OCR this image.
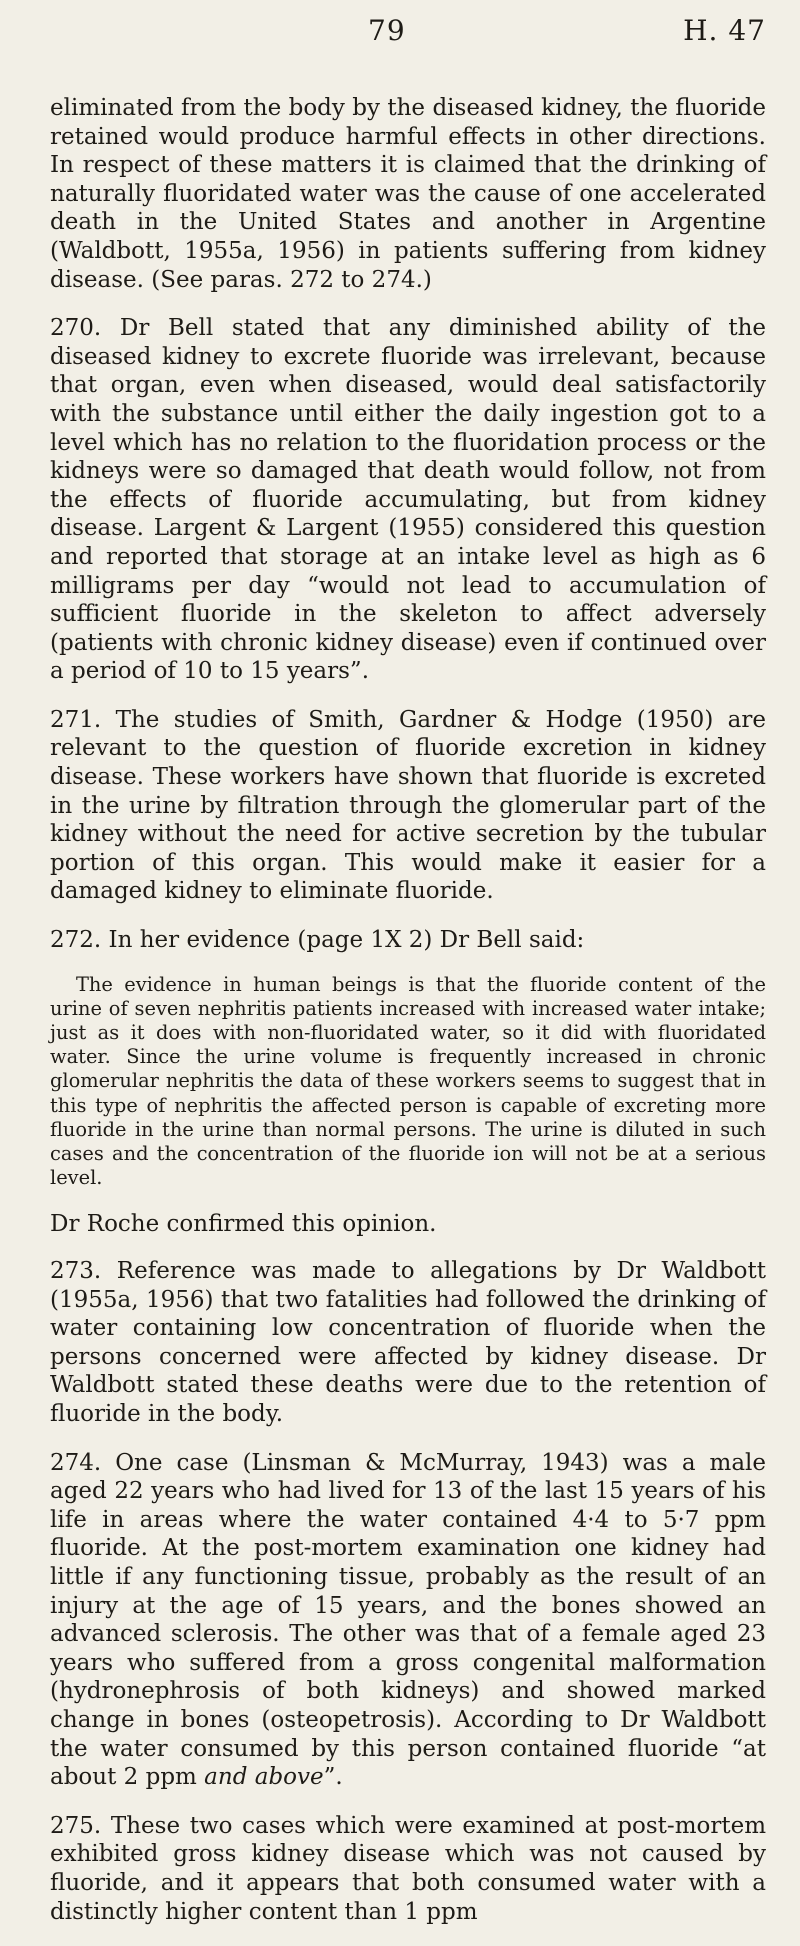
79	H. 47

eliminated from the body by the diseased kidney, the fluoride retained would produce harmful effects in other directions. In respect of these matters it is claimed that the drinking of naturally fluoridated water was the cause of one accelerated death in the United States and another in Argentine (Waldbott, 1955a, 1956) in patients suffering from kidney disease. (See paras. 272 to 274.)

270. Dr Bell stated that any diminished ability of the diseased kidney to excrete fluoride was irrelevant, because that organ, even when diseased, would deal satisfactorily with the substance until either the daily ingestion got to a level which has no relation to the fluoridation process or the kidneys were so damaged that death would follow, not from the effects of fluoride accumulating, but from kidney disease. Largent & Largent (1955) considered this question and reported that storage at an intake level as high as 6 milligrams per day “would not lead to accumulation of sufficient fluoride in the skeleton to affect adversely (patients with chronic kidney disease) even if continued over a period of 10 to 15 years”.

271. The studies of Smith, Gardner & Hodge (1950) are relevant to the question of fluoride excretion in kidney disease. These workers have shown that fluoride is excreted in the urine by filtration through the glomerular part of the kidney without the need for active secretion by the tubular portion of this organ. This would make it easier for a damaged kidney to eliminate fluoride.

272. In her evidence (page 1X 2) Dr Bell said:

The evidence in human beings is that the fluoride content of the urine of seven nephritis patients increased with increased water intake; just as it does with non-fluoridated water, so it did with fluoridated water. Since the urine volume is frequently increased in chronic glomerular nephritis the data of these workers seems to suggest that in this type of nephritis the affected person is capable of excreting more fluoride in the urine than normal persons. The urine is diluted in such cases and the concentration of the fluoride ion will not be at a serious level.

Dr Roche confirmed this opinion.

273. Reference was made to allegations by Dr Waldbott (1955a, 1956) that two fatalities had followed the drinking of water containing low concentration of fluoride when the persons concerned were affected by kidney disease. Dr Waldbott stated these deaths were due to the retention of fluoride in the body.

274. One case (Linsman & McMurray, 1943) was a male aged 22 years who had lived for 13 of the last 15 years of his life in areas where the water contained 4·4 to 5·7 ppm fluoride. At the post-mortem examination one kidney had little if any functioning tissue, probably as the result of an injury at the age of 15 years, and the bones showed an advanced sclerosis. The other was that of a female aged 23 years who suffered from a gross congenital malformation (hydronephrosis of both kidneys) and showed marked change in bones (osteopetrosis). According to Dr Waldbott the water consumed by this person contained fluoride “at about 2 ppm and above”.

275. These two cases which were examined at post-mortem exhibited gross kidney disease which was not caused by fluoride, and it appears that both consumed water with a distinctly higher content than 1 ppm
